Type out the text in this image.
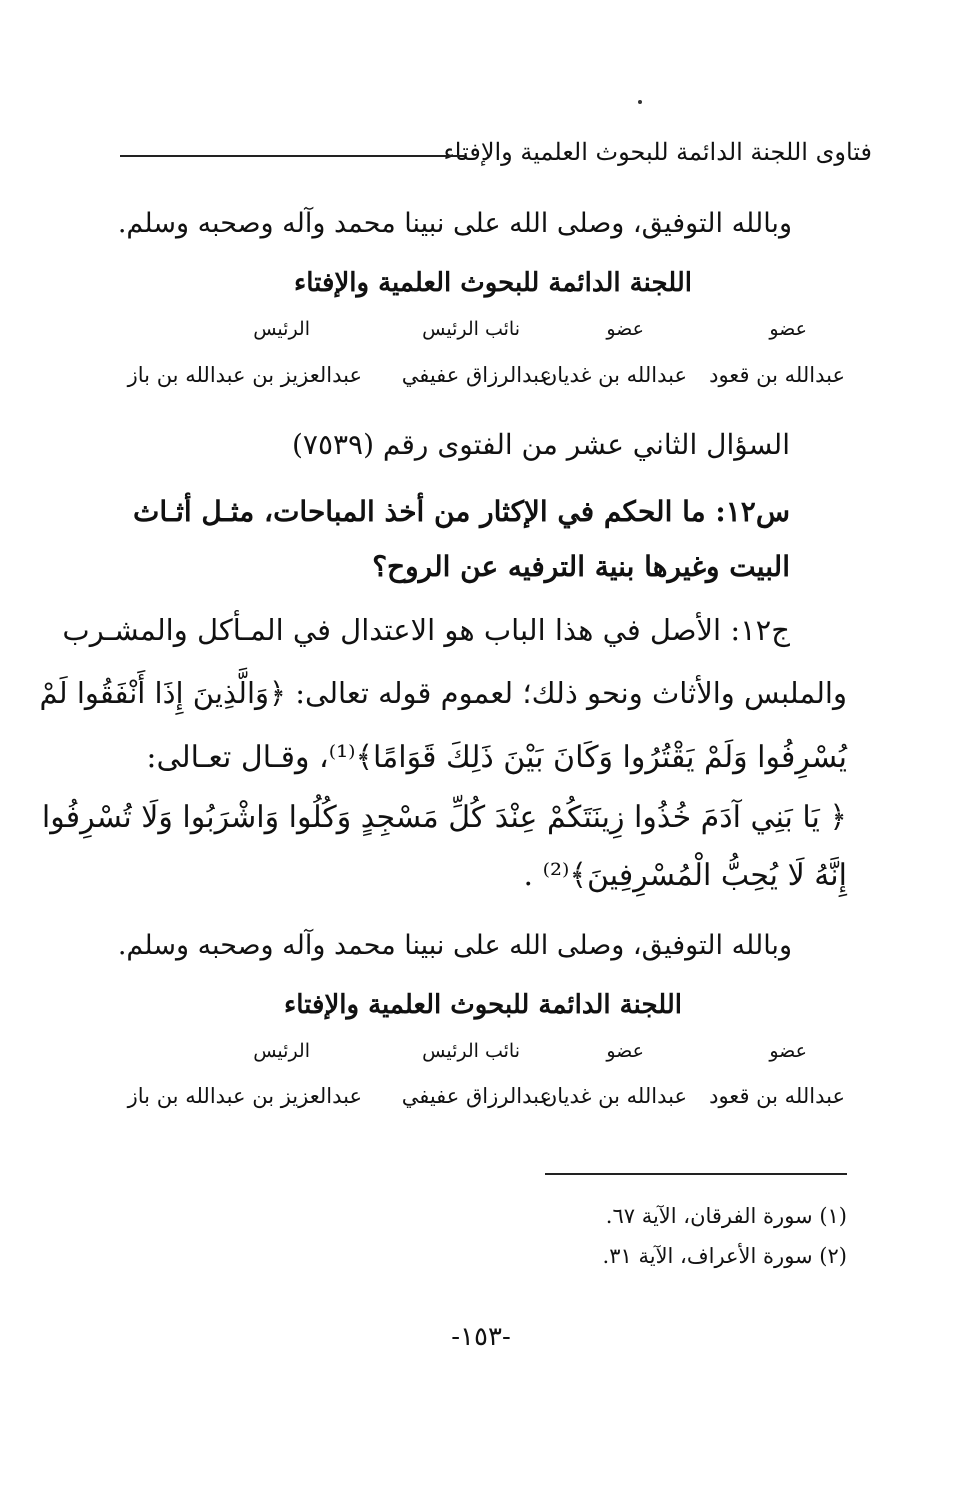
فتاوى اللجنة الدائمة للبحوث العلمية والإفتاء
وبالله التوفيق، وصلى الله على نبينا محمد وآله وصحبه وسلم.
اللجنة الدائمة للبحوث العلمية والإفتاء
عضو
عضو
نائب الرئيس
الرئيس
عبدالله بن قعود
عبدالله بن غديان
عبدالرزاق عفيفي
عبدالعزيز بن عبدالله بن باز
السؤال الثاني عشر من الفتوى رقم (٧٥٣٩)
س١٢: ما الحكم في الإكثار من أخذ المباحات، مثـل أثـاث
البيت وغيرها بنية الترفيه عن الروح؟
ج١٢: الأصل في هذا الباب هو الاعتدال في المـأكل والمشـرب
والملبس والأثاث ونحو ذلك؛ لعموم قوله تعالى: ﴿وَالَّذِينَ إِذَا أَنْفَقُوا لَمْ
يُسْرِفُوا وَلَمْ يَقْتُرُوا وَكَانَ بَيْنَ ذَلِكَ قَوَامًا﴾⁽¹⁾، وقـال تعـالى:
﴿ يَا بَنِي آدَمَ خُذُوا زِينَتَكُمْ عِنْدَ كُلِّ مَسْجِدٍ وَكُلُوا وَاشْرَبُوا وَلَا تُسْرِفُوا
إِنَّهُ لَا يُحِبُّ الْمُسْرِفِينَ﴾⁽²⁾ .
وبالله التوفيق، وصلى الله على نبينا محمد وآله وصحبه وسلم.
اللجنة الدائمة للبحوث العلمية والإفتاء
عضو
عضو
نائب الرئيس
الرئيس
عبدالله بن قعود
عبدالله بن غديان
عبدالرزاق عفيفي
عبدالعزيز بن عبدالله بن باز
(١) سورة الفرقان، الآية ٦٧.
(٢) سورة الأعراف، الآية ٣١.
-١٥٣-
